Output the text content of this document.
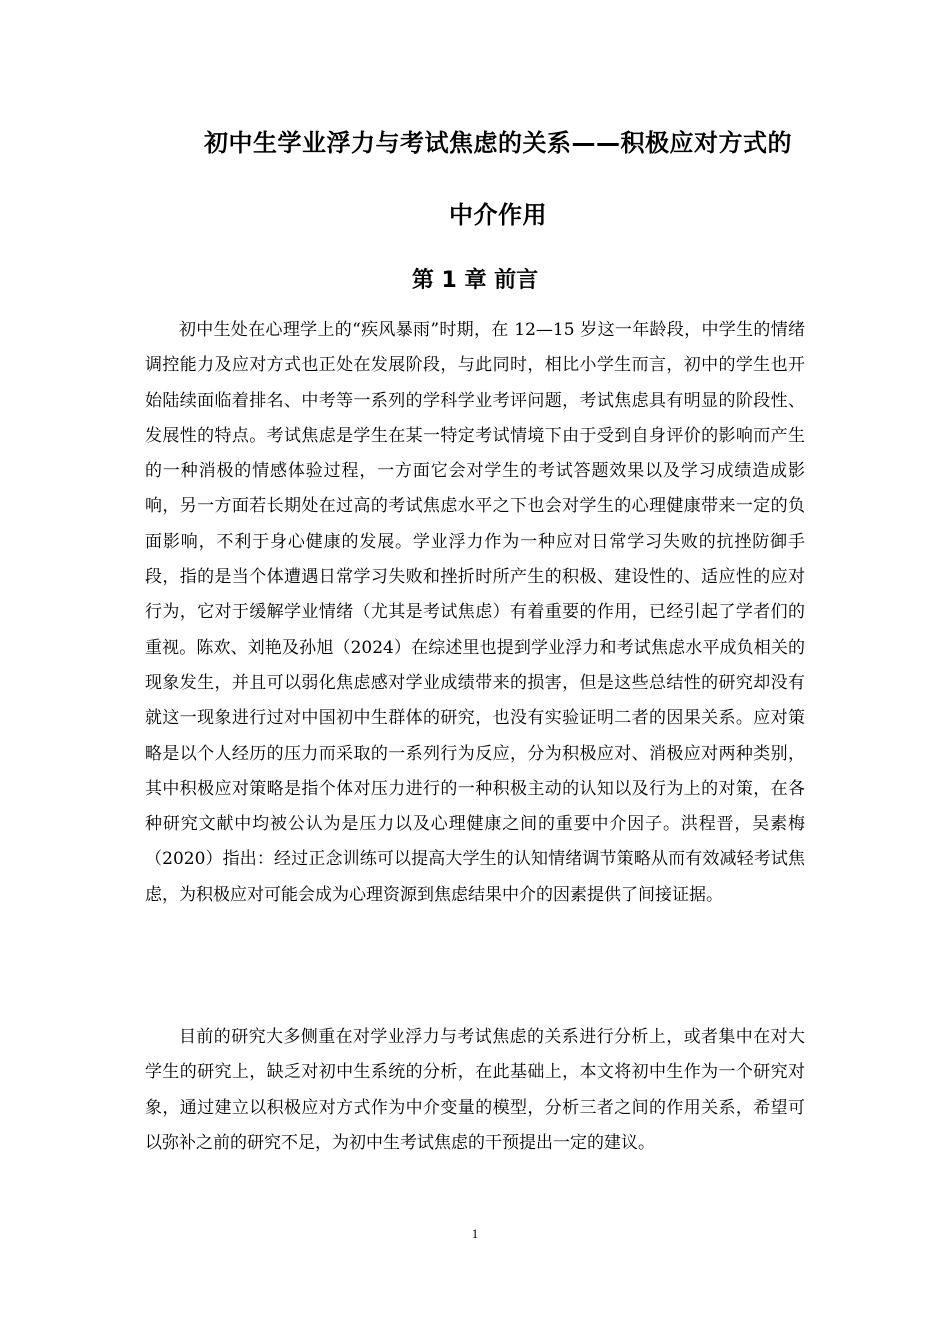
初中生学业浮力与考试焦虑的关系——积极应对方式的
中介作用
第 1 章 前言

初中生处在心理学上的“疾风暴雨”时期，在 12—15 岁这一年龄段，中学生的情绪调控能力及应对方式也正处在发展阶段，与此同时，相比小学生而言，初中的学生也开始陆续面临着排名、中考等一系列的学科学业考评问题，考试焦虑具有明显的阶段性、发展性的特点。考试焦虑是学生在某一特定考试情境下由于受到自身评价的影响而产生的一种消极的情感体验过程，一方面它会对学生的考试答题效果以及学习成绩造成影响，另一方面若长期处在过高的考试焦虑水平之下也会对学生的心理健康带来一定的负面影响，不利于身心健康的发展。学业浮力作为一种应对日常学习失败的抗挫防御手段，指的是当个体遭遇日常学习失败和挫折时所产生的积极、建设性的、适应性的应对行为，它对于缓解学业情绪（尤其是考试焦虑）有着重要的作用，已经引起了学者们的重视。陈欢、刘艳及孙旭（2024）在综述里也提到学业浮力和考试焦虑水平成负相关的现象发生，并且可以弱化焦虑感对学业成绩带来的损害，但是这些总结性的研究却没有就这一现象进行过对中国初中生群体的研究，也没有实验证明二者的因果关系。应对策略是以个人经历的压力而采取的一系列行为反应，分为积极应对、消极应对两种类别，其中积极应对策略是指个体对压力进行的一种积极主动的认知以及行为上的对策，在各种研究文献中均被公认为是压力以及心理健康之间的重要中介因子。洪程晋，吴素梅（2020）指出：经过正念训练可以提高大学生的认知情绪调节策略从而有效减轻考试焦虑，为积极应对可能会成为心理资源到焦虑结果中介的因素提供了间接证据。

目前的研究大多侧重在对学业浮力与考试焦虑的关系进行分析上，或者集中在对大学生的研究上，缺乏对初中生系统的分析，在此基础上，本文将初中生作为一个研究对象，通过建立以积极应对方式作为中介变量的模型，分析三者之间的作用关系，希望可以弥补之前的研究不足，为初中生考试焦虑的干预提出一定的建议。

1
